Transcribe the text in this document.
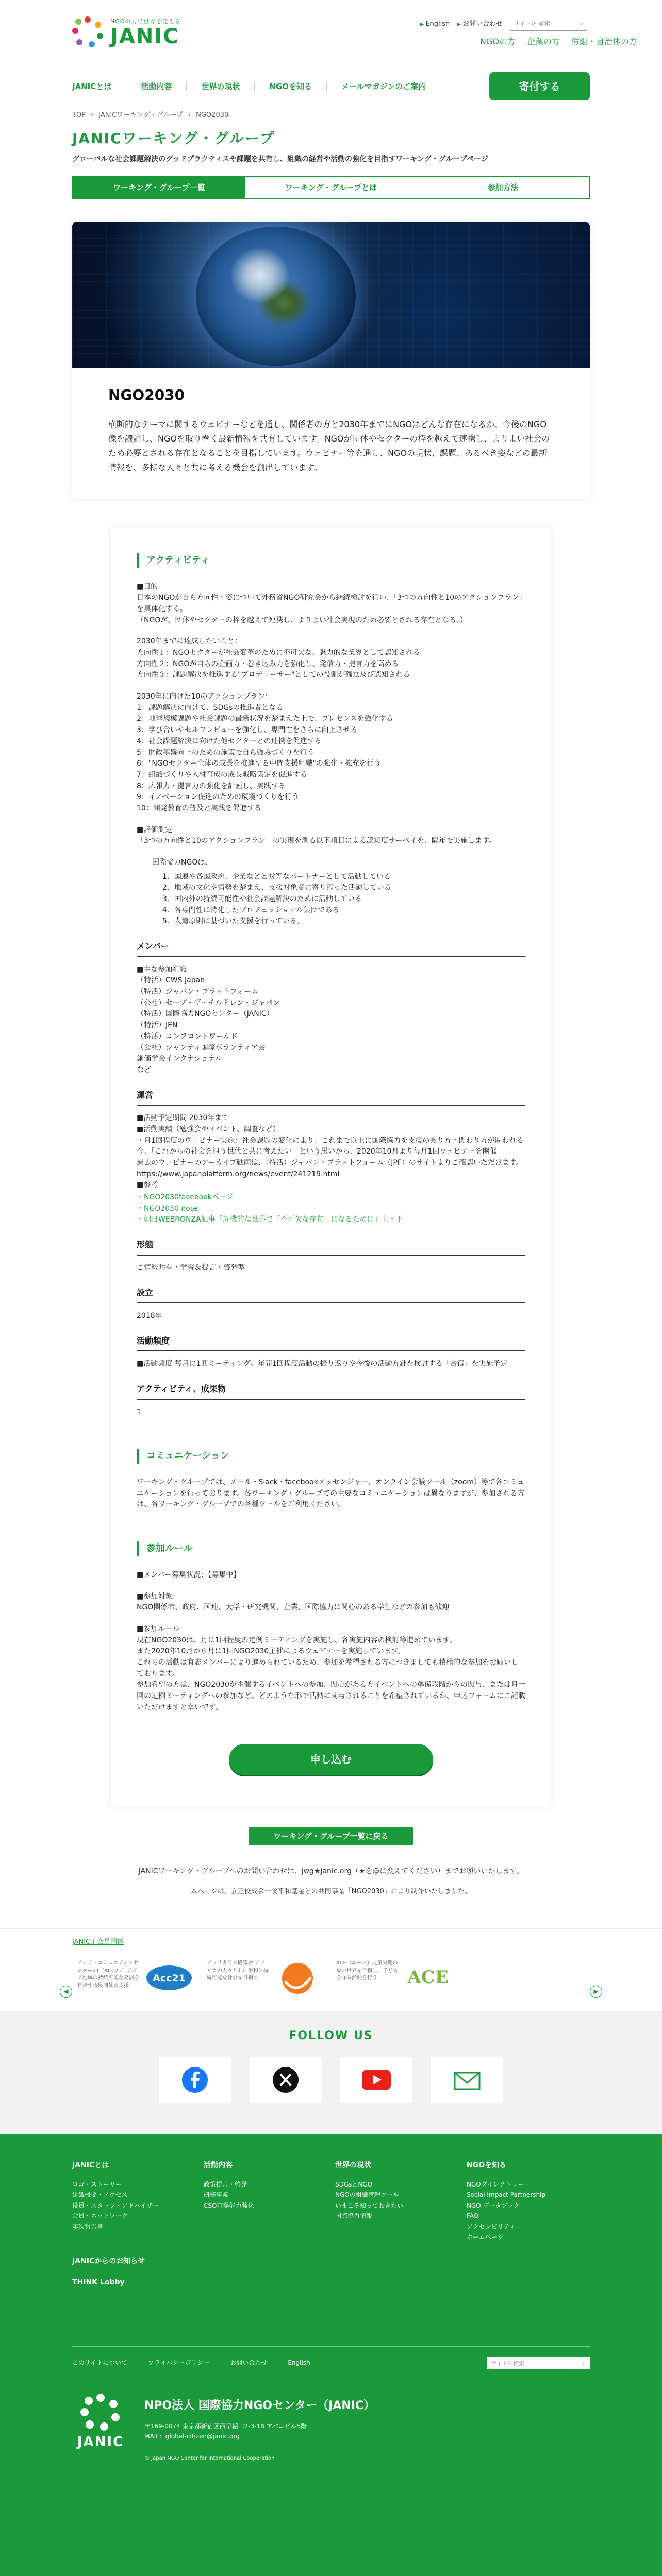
NGOの力で世界を変える
JANIC
▶ English ▶ お問い合わせ サイト内検索	⌕
NGOの方 企業の方 労組・自治体の方
JANICとは	活動内容	世界の現状	NGOを知る	メールマガジンのご案内	寄付する
TOP › JANICワーキング・グループ › NGO2030
JANICワーキング・グループ

グローバルな社会課題解決のグッドプラクティスや課題を共有し、組織の経営や活動の強化を目指すワーキング・グループページ

ワーキング・グループ一覧	ワーキング・グループとは	参加方法
NGO2030

横断的なテーマに関するウェビナーなどを通し、関係者の方と2030年までにNGOはどんな存在になるか、今後のNGO像を議論し、NGOを取り巻く最新情報を共有しています。NGOが団体やセクターの枠を越えて連携し、よりよい社会のため必要とされる存在となることを目指しています。ウェビナー等を通し、NGOの現状、課題、あるべき姿などの最新情報を、多様な人々と共に考える機会を創出しています。

アクティビティ
■目的
日本のNGOが自ら方向性・姿について外務省NGO研究会から継続検討を行い、「3つの方向性と10のアクションプラン」を具体化する。
（NGOが、団体やセクターの枠を越えて連携し、よりよい社会実現のため必要とされる存在となる。）
2030年までに達成したいこと：
方向性１：NGOセクターが社会変革のために不可欠な、魅力的な業界として認知される
方向性２：NGOが自らの企画力・巻き込み力を強化し、発信力・提言力を高める
方向性３：課題解決を推進する"プロデューサー"としての役割が確立及び認知される
2030年に向けた10のアクションプラン：
1：課題解決に向けて、SDGsの推進者となる
2：地球規模課題や社会課題の最新状況を踏まえた上で、プレゼンスを強化する
3：学び合いやセルフレビューを強化し、専門性をさらに向上させる
4：社会課題解決に向けた他セクターとの連携を促進する
5：財政基盤向上のための施策で自ら強みづくりを行う
6："NGOセクター全体の成長を推進する中間支援組織"の強化・拡充を行う
7：組織づくりや人材育成の成長戦略策定を促進する
8：広報力・提言力の強化を計画し、実践する
9：イノベーション促進のための環境づくりを行う
10：開発教育の普及と実践を促進する
■評価測定
「3つの方向性と10のアクションプラン」の実現を測る以下項目による認知度サーベイを、隔年で実施します。
国際協力NGOは、
1．国連や各国政府、企業などと対等なパートナーとして活動している
2．地域の文化や情勢を踏まえ、支援対象者に寄り添った活動している
3．国内外の持続可能性や社会課題解決のために活動している
4．各専門性に特化したプロフェッショナル集団である
5．人道原則に基づいた支援を行っている。
メンバー
■主な参加組織
（特活）CWS Japan
（特活）ジャパン・プラットフォーム
（公社）セーブ・ザ・チルドレン・ジャパン
（特活）国際協力NGOセンター（JANIC）
（特活）JEN
（特活）コンフロントワールド
（公社）シャンティ国際ボランティア会
創価学会インタナショナル
など
運営
■活動予定期間 2030年まで
■活動実績（勉強会やイベント、調査など）
・月1回程度のウェビナー実施：社会課題の変化により、これまで以上に国際協力を支援のあり方・関わり方が問われる今、「これからの社会を担う世代と共に考えたい」という思いから、2020年10月より毎月1回ウェビナーを開催
過去のウェビナーのアーカイブ動画は、（特活）ジャパン・プラットフォーム（JPF）のサイトよりご確認いただけます。https://www.japanplatform.org/news/event/241219.html
■参考
・NGO2030facebookページ
・NGO2030 note
・朝日WEBRONZA記事「危機的な世界で「不可欠な存在」になるために」上・下
形態
ご情報共有・学習＆提言・啓発型
設立
2018年
活動頻度
■活動頻度 毎月に1回ミーティング。年間1回程度活動の振り返りや今後の活動方針を検討する「合宿」を実施予定
アクティビティ、成果物
1
コミュニケーション
ワーキング・グループでは、メール・Slack・facebookメッセンジャー、オンライン会議ツール（zoom）等で各コミュニケーションを行っております。各ワーキング・グループでの主要なコミュニケーションは異なりますが、参加される方は、各ワーキング・グループでの各種ツールをご利用ください。
参加ルール
■メンバー募集状況：【募集中】
■参加対象：
NGO関係者、政府、国連、大学・研究機関、企業、国際協力に関心のある学生などの参加も歓迎
■参加ルール
現在NGO2030は、月に1回程度の定例ミーティングを実施し、各実施内容の検討等進めています。
また2020年10月から月に1回NGO2030主催によるウェビナーを実施しています。
これらの活動は有志メンバーにより進められているため、参加を希望される方につきましても積極的な参加をお願いしております。
参加希望の方は、NGO2030が主催するイベントへの参加、関心がある方イベントへの準備段階からの関与、または月一回の定例ミーティングへの参加など、どのような形で活動に関与されることを希望されているか、申込フォームにご記載いただけますと幸いです。
申し込む
ワーキング・グループ一覧に戻る

JANICワーキング・グループへのお問い合わせは、jwg★janic.org（★を@に変えてください）までお願いいたします。

本ページは、立正佼成会一食平和基金との共同事業「NGO2030」により制作いたしました。

JANIC正会員団体
◀	▶
アジア・コミュニティ・センター21（ACC21）アジア地域の持続可能な発展を目指す市民団体の支援
Acc21
アフリカ日本協議会 アフリカの人々と共に平和と持続可能な社会を目指す
ACE（エース）児童労働のない世界を目指し、子どもを守る活動を行う	ACE
FOLLOW US
JANICとは
ロゴ・ストーリー
組織概要・アクセス
役員・スタッフ・アドバイザー
会員・ネットワーク
年次報告書
活動内容
政策提言・啓発
研修事業
CSO市場能力強化
世界の現状
SDGsとNGO
NGOの組織管理ツール
いまこそ知っておきたい
国際協力情報
NGOを知る
NGOダイレクトリー
Social Impact Partnership
NGO データブック
FAQ
アクセシビリティ
ホームページ
JANICからのお知らせ
THINK Lobby
このサイトについて	プライバシーポリシー	お問い合わせ	English	サイト内検索	⌕
JANIC
NPO法人 国際協力NGOセンター（JANIC）
〒169-0074 東京都新宿区西早稲田2-3-18 アバコビル5階
MAIL：global-citizen@janic.org
© Japan NGO Center for International Cooperation
